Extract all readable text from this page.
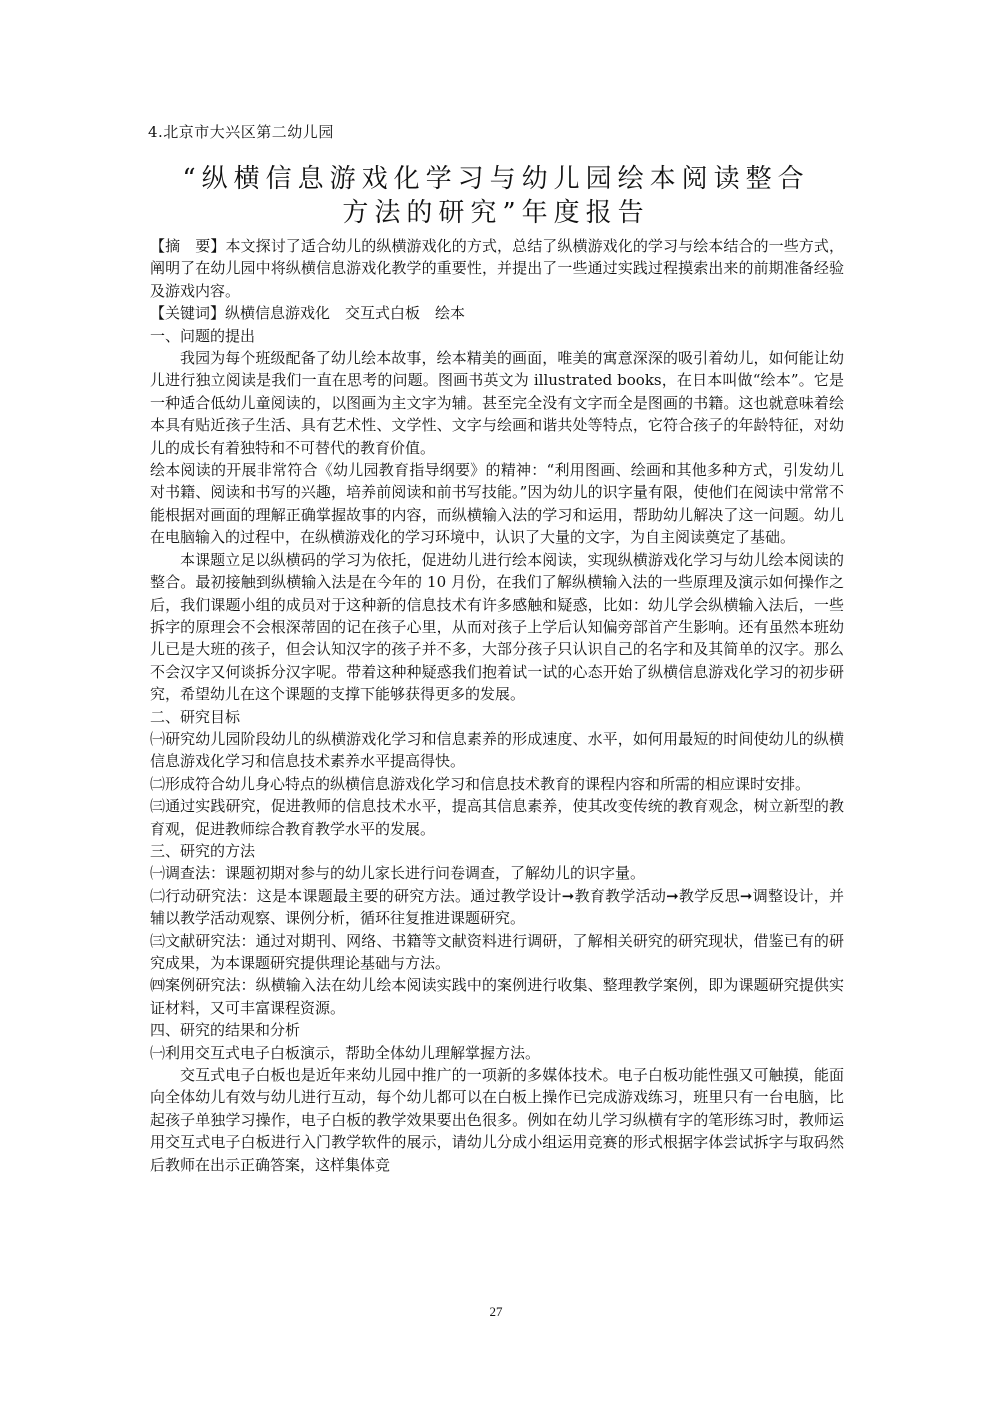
4.北京市大兴区第二幼儿园
“纵横信息游戏化学习与幼儿园绘本阅读整合
方法的研究”年度报告

【摘　要】本文探讨了适合幼儿的纵横游戏化的方式，总结了纵横游戏化的学习与绘本结合的一些方式，阐明了在幼儿园中将纵横信息游戏化教学的重要性，并提出了一些通过实践过程摸索出来的前期准备经验及游戏内容。

【关键词】纵横信息游戏化　交互式白板　绘本

一、问题的提出

我园为每个班级配备了幼儿绘本故事，绘本精美的画面，唯美的寓意深深的吸引着幼儿，如何能让幼儿进行独立阅读是我们一直在思考的问题。图画书英文为 illustrated books，在日本叫做“绘本”。它是一种适合低幼儿童阅读的，以图画为主文字为辅。甚至完全没有文字而全是图画的书籍。这也就意味着绘本具有贴近孩子生活、具有艺术性、文学性、文字与绘画和谐共处等特点，它符合孩子的年龄特征，对幼儿的成长有着独特和不可替代的教育价值。

绘本阅读的开展非常符合《幼儿园教育指导纲要》的精神：“利用图画、绘画和其他多种方式，引发幼儿对书籍、阅读和书写的兴趣，培养前阅读和前书写技能。”因为幼儿的识字量有限，使他们在阅读中常常不能根据对画面的理解正确掌握故事的内容，而纵横输入法的学习和运用，帮助幼儿解决了这一问题。幼儿在电脑输入的过程中，在纵横游戏化的学习环境中，认识了大量的文字，为自主阅读奠定了基础。

本课题立足以纵横码的学习为依托，促进幼儿进行绘本阅读，实现纵横游戏化学习与幼儿绘本阅读的整合。最初接触到纵横输入法是在今年的 10 月份，在我们了解纵横输入法的一些原理及演示如何操作之后，我们课题小组的成员对于这种新的信息技术有许多感触和疑惑，比如：幼儿学会纵横输入法后，一些拆字的原理会不会根深蒂固的记在孩子心里，从而对孩子上学后认知偏旁部首产生影响。还有虽然本班幼儿已是大班的孩子，但会认知汉字的孩子并不多，大部分孩子只认识自己的名字和及其简单的汉字。那么不会汉字又何谈拆分汉字呢。带着这种种疑惑我们抱着试一试的心态开始了纵横信息游戏化学习的初步研究，希望幼儿在这个课题的支撑下能够获得更多的发展。

二、研究目标

㈠研究幼儿园阶段幼儿的纵横游戏化学习和信息素养的形成速度、水平，如何用最短的时间使幼儿的纵横信息游戏化学习和信息技术素养水平提高得快。

㈡形成符合幼儿身心特点的纵横信息游戏化学习和信息技术教育的课程内容和所需的相应课时安排。

㈢通过实践研究，促进教师的信息技术水平，提高其信息素养，使其改变传统的教育观念，树立新型的教育观，促进教师综合教育教学水平的发展。

三、研究的方法

㈠调查法：课题初期对参与的幼儿家长进行问卷调查，了解幼儿的识字量。

㈡行动研究法：这是本课题最主要的研究方法。通过教学设计➞教育教学活动➞教学反思➞调整设计，并辅以教学活动观察、课例分析，循环往复推进课题研究。

㈢文献研究法：通过对期刊、网络、书籍等文献资料进行调研，了解相关研究的研究现状，借鉴已有的研究成果，为本课题研究提供理论基础与方法。

㈣案例研究法：纵横输入法在幼儿绘本阅读实践中的案例进行收集、整理教学案例，即为课题研究提供实证材料，又可丰富课程资源。

四、研究的结果和分析

㈠利用交互式电子白板演示，帮助全体幼儿理解掌握方法。

交互式电子白板也是近年来幼儿园中推广的一项新的多媒体技术。电子白板功能性强又可触摸，能面向全体幼儿有效与幼儿进行互动，每个幼儿都可以在白板上操作已完成游戏练习，班里只有一台电脑，比起孩子单独学习操作，电子白板的教学效果要出色很多。例如在幼儿学习纵横有字的笔形练习时，教师运用交互式电子白板进行入门教学软件的展示，请幼儿分成小组运用竞赛的形式根据字体尝试拆字与取码然后教师在出示正确答案，这样集体竞

27
